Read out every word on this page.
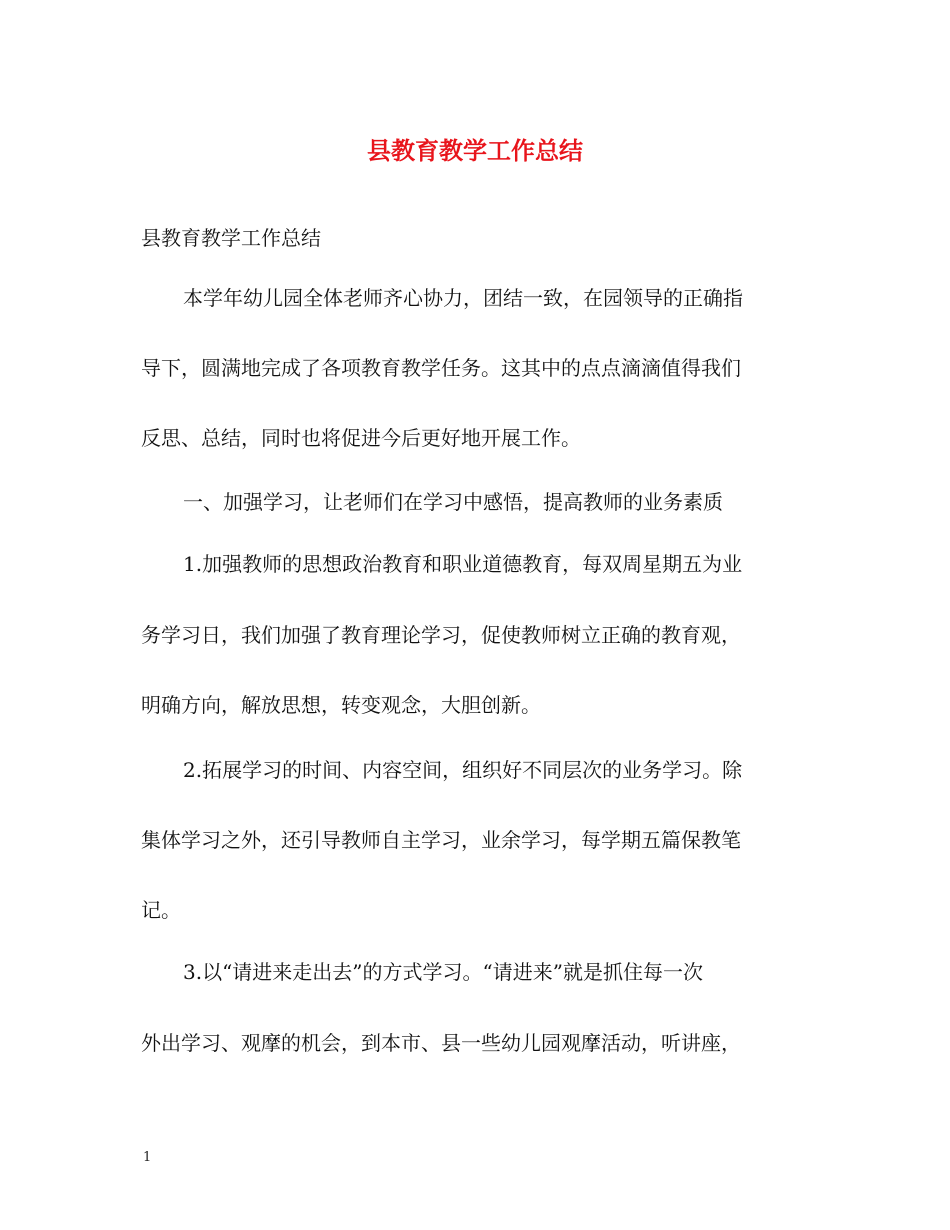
县教育教学工作总结
县教育教学工作总结
本学年幼儿园全体老师齐心协力，团结一致，在园领导的正确指
导下，圆满地完成了各项教育教学任务。这其中的点点滴滴值得我们
反思、总结，同时也将促进今后更好地开展工作。
一、加强学习，让老师们在学习中感悟，提高教师的业务素质
1.加强教师的思想政治教育和职业道德教育，每双周星期五为业
务学习日，我们加强了教育理论学习，促使教师树立正确的教育观，
明确方向，解放思想，转变观念，大胆创新。
2.拓展学习的时间、内容空间，组织好不同层次的业务学习。除
集体学习之外，还引导教师自主学习，业余学习，每学期五篇保教笔
记。
3.以“请进来走出去”的方式学习。“请进来”就是抓住每一次
外出学习、观摩的机会，到本市、县一些幼儿园观摩活动，听讲座，
1
